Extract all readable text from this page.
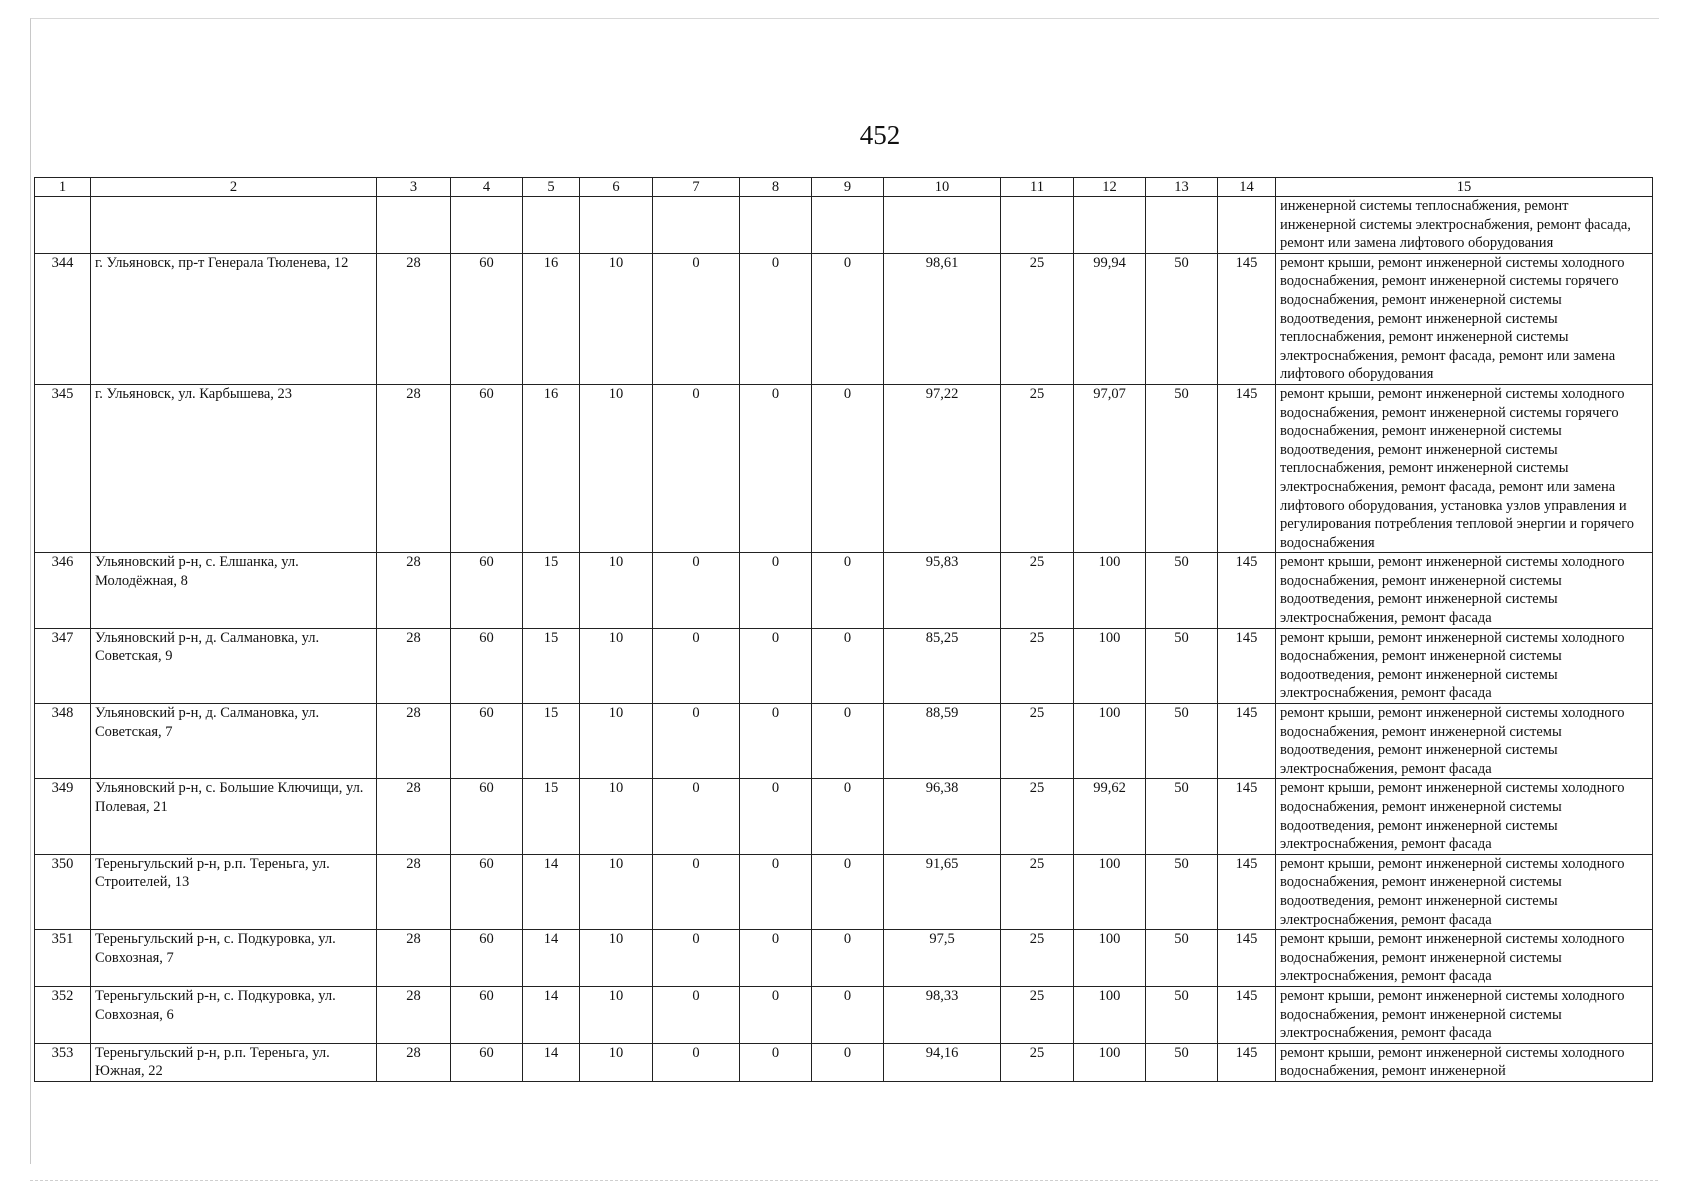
452
1	2	3	4	5	6	7	8	9	10	11	12	13	14	15
														инженерной системы теплоснабжения, ремонт инженерной системы электроснабжения, ремонт фасада, ремонт или замена лифтового оборудования
344	г. Ульяновск, пр-т Генерала Тюленева, 12	28	60	16	10	0	0	0	98,61	25	99,94	50	145	ремонт крыши, ремонт инженерной системы холодного водоснабжения, ремонт инженерной системы горячего водоснабжения, ремонт инженерной системы водоотведения, ремонт инженерной системы теплоснабжения, ремонт инженерной системы электроснабжения, ремонт фасада, ремонт или замена лифтового оборудования
345	г. Ульяновск, ул. Карбышева, 23	28	60	16	10	0	0	0	97,22	25	97,07	50	145	ремонт крыши, ремонт инженерной системы холодного водоснабжения, ремонт инженерной системы горячего водоснабжения, ремонт инженерной системы водоотведения, ремонт инженерной системы теплоснабжения, ремонт инженерной системы электроснабжения, ремонт фасада, ремонт или замена лифтового оборудования, установка узлов управления и регулирования потребления тепловой энергии и горячего водоснабжения
346	Ульяновский р-н, с. Елшанка, ул. Молодёжная, 8	28	60	15	10	0	0	0	95,83	25	100	50	145	ремонт крыши, ремонт инженерной системы холодного водоснабжения, ремонт инженерной системы водоотведения, ремонт инженерной системы электроснабжения, ремонт фасада
347	Ульяновский р-н, д. Салмановка, ул. Советская, 9	28	60	15	10	0	0	0	85,25	25	100	50	145	ремонт крыши, ремонт инженерной системы холодного водоснабжения, ремонт инженерной системы водоотведения, ремонт инженерной системы электроснабжения, ремонт фасада
348	Ульяновский р-н, д. Салмановка, ул. Советская, 7	28	60	15	10	0	0	0	88,59	25	100	50	145	ремонт крыши, ремонт инженерной системы холодного водоснабжения, ремонт инженерной системы водоотведения, ремонт инженерной системы электроснабжения, ремонт фасада
349	Ульяновский р-н, с. Большие Ключищи, ул. Полевая, 21	28	60	15	10	0	0	0	96,38	25	99,62	50	145	ремонт крыши, ремонт инженерной системы холодного водоснабжения, ремонт инженерной системы водоотведения, ремонт инженерной системы электроснабжения, ремонт фасада
350	Тереньгульский р-н, р.п. Тереньга, ул. Строителей, 13	28	60	14	10	0	0	0	91,65	25	100	50	145	ремонт крыши, ремонт инженерной системы холодного водоснабжения, ремонт инженерной системы водоотведения, ремонт инженерной системы электроснабжения, ремонт фасада
351	Тереньгульский р-н, с. Подкуровка, ул. Совхозная, 7	28	60	14	10	0	0	0	97,5	25	100	50	145	ремонт крыши, ремонт инженерной системы холодного водоснабжения, ремонт инженерной системы электроснабжения, ремонт фасада
352	Тереньгульский р-н, с. Подкуровка, ул. Совхозная, 6	28	60	14	10	0	0	0	98,33	25	100	50	145	ремонт крыши, ремонт инженерной системы холодного водоснабжения, ремонт инженерной системы электроснабжения, ремонт фасада
353	Тереньгульский р-н, р.п. Тереньга, ул. Южная, 22	28	60	14	10	0	0	0	94,16	25	100	50	145	ремонт крыши, ремонт инженерной системы холодного водоснабжения, ремонт инженерной
